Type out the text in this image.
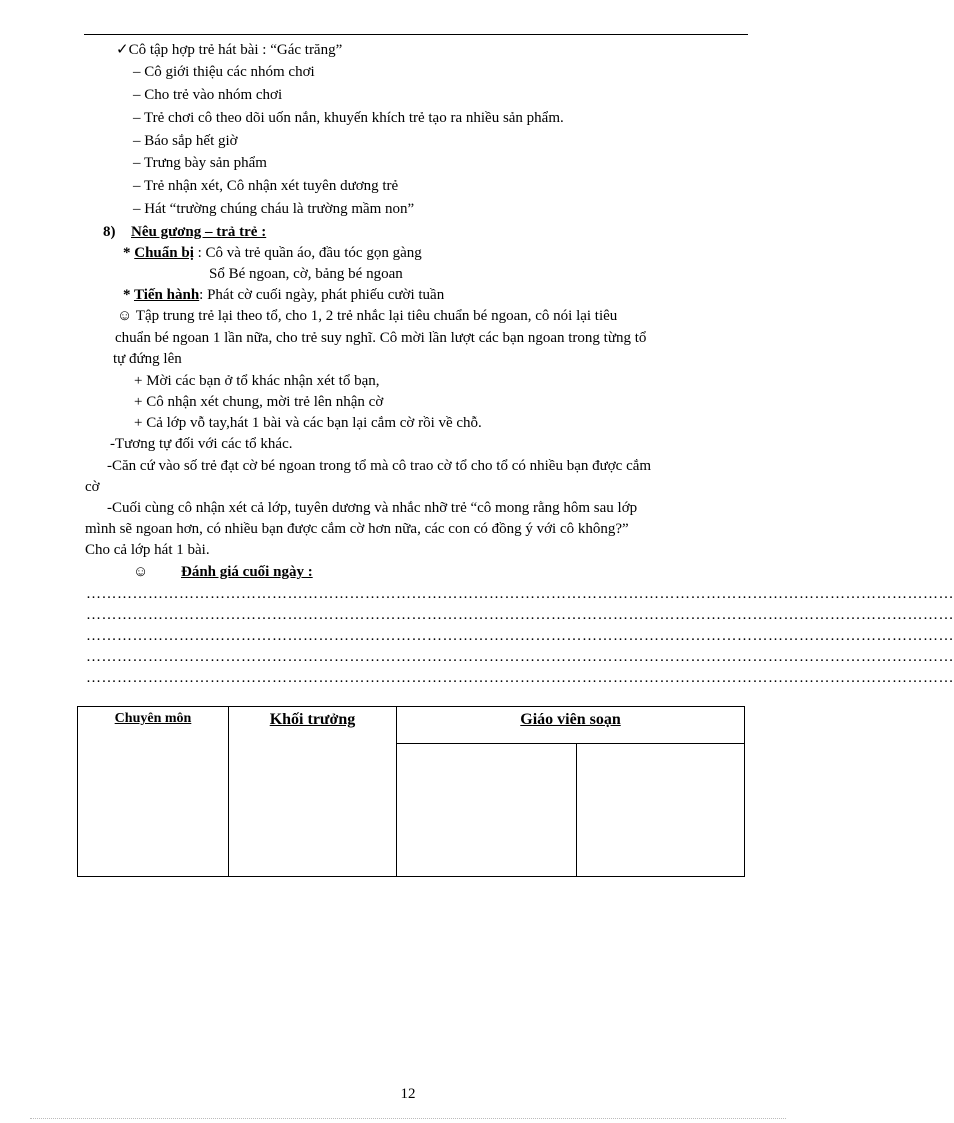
✓Cô tập hợp trẻ hát bài : “Gác trăng”
– Cô giới thiệu các nhóm chơi
– Cho trẻ vào nhóm chơi
– Trẻ chơi cô theo dõi uốn nắn, khuyến khích trẻ tạo ra nhiều sản phẩm.
– Báo sắp hết giờ
– Trưng bày sản phẩm
– Trẻ nhận xét, Cô nhận xét tuyên dương trẻ
– Hát “trường chúng cháu là trường mầm non”
8) Nêu gương – trả trẻ :
* Chuẩn bị : Cô và trẻ quần áo, đầu tóc gọn gàng
Sổ Bé ngoan, cờ, bảng bé ngoan
* Tiến hành: Phát cờ cuối ngày, phát phiếu cười tuần
☺ Tập trung trẻ lại theo tổ, cho 1, 2 trẻ nhắc lại tiêu chuẩn bé ngoan, cô nói lại tiêu
chuẩn bé ngoan 1 lần nữa, cho trẻ suy nghĩ. Cô mời lần lượt các bạn ngoan trong từng tổ
tự đứng lên
+ Mời các bạn ở tổ khác nhận xét tổ bạn,
+ Cô nhận xét chung, mời trẻ lên nhận cờ
+ Cả lớp vỗ tay,hát 1 bài và các bạn lại cắm cờ rồi về chỗ.
-Tương tự đối với các tổ khác.
-Căn cứ vào số trẻ đạt cờ bé ngoan trong tổ mà cô trao cờ tổ cho tổ có nhiều bạn được cắm
cờ
-Cuối cùng cô nhận xét cả lớp, tuyên dương và nhắc nhỡ trẻ “cô mong rằng hôm sau lớp
mình sẽ ngoan hơn, có nhiều bạn được cắm cờ hơn nữa, các con có đồng ý với cô không?”
Cho cả lớp hát 1 bài.
☺ Đánh giá cuối ngày :
……………………………………………………………………………………………………………………………………………………
……………………………………………………………………………………………………………………………………………………
……………………………………………………………………………………………………………………………………………………
……………………………………………………………………………………………………………………………………………………
……………………………………………………………………………………………………………………………………………………
Chuyên môn	Khối trưởng	Giáo viên soạn	

12
